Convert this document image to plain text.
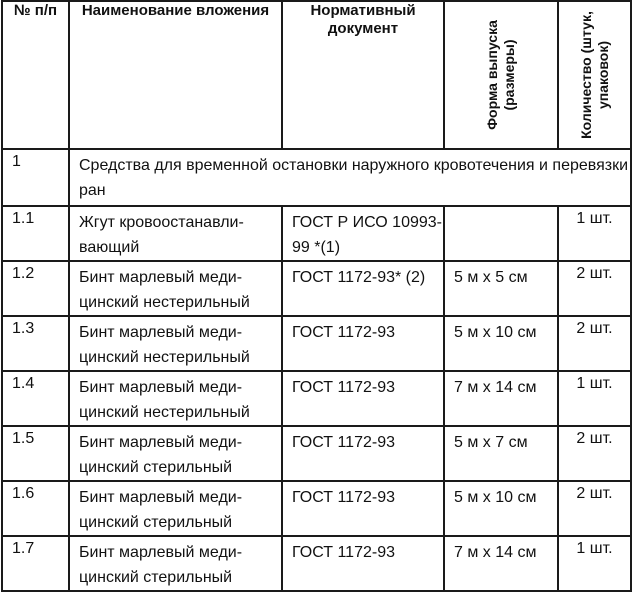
№ п/п	Наименование вложения	Нормативный документ	Форма выпуска (размеры)	Количество (штук, упаковок)

1	Средства для временной остановки наружного кровотечения и перевязки ран			
1.1	Жгут кровоостанавли-вающий	ГОСТ Р ИСО 10993-99 *(1)		1 шт.
1.2	Бинт марлевый меди-цинский нестерильный	ГОСТ 1172-93* (2)	5 м х 5 см	2 шт.
1.3	Бинт марлевый меди-цинский нестерильный	ГОСТ 1172-93	5 м х 10 см	2 шт.
1.4	Бинт марлевый меди-цинский нестерильный	ГОСТ 1172-93	7 м х 14 см	1 шт.
1.5	Бинт марлевый меди-цинский стерильный	ГОСТ 1172-93	5 м х 7 см	2 шт.
1.6	Бинт марлевый меди-цинский стерильный	ГОСТ 1172-93	5 м х 10 см	2 шт.
1.7	Бинт марлевый меди-цинский стерильный	ГОСТ 1172-93	7 м х 14 см	1 шт.
